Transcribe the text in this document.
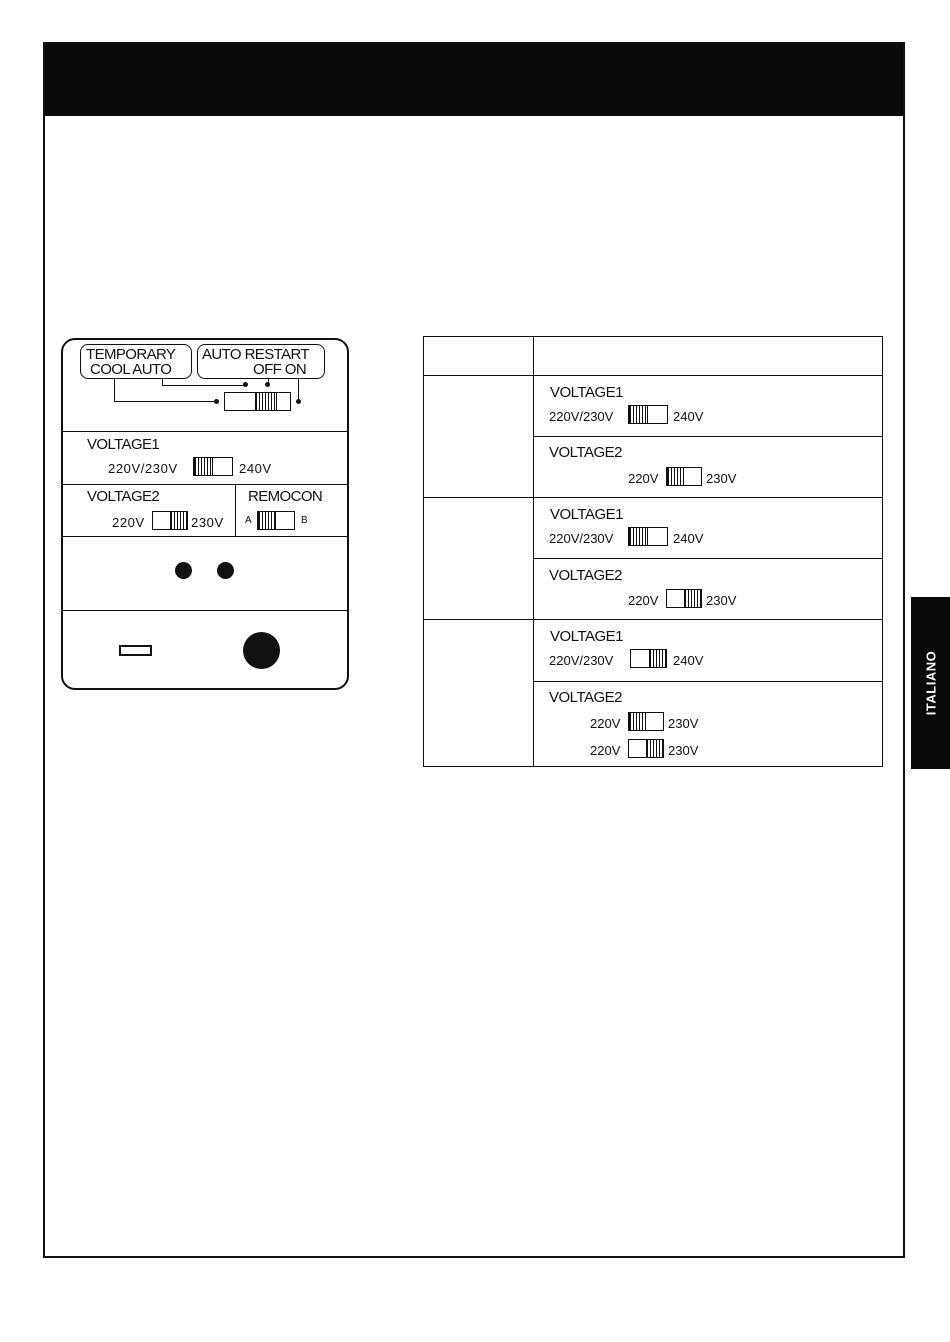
ITALIANO
TEMPORARY
COOL AUTO
AUTO RESTART
OFF ON
VOLTAGE1
220V/230V	240V
VOLTAGE2
220V	230V
REMOCON
A	B
VOLTAGE1
220V/230V	240V
VOLTAGE2
220V	230V
VOLTAGE1
220V/230V	240V
VOLTAGE2
220V	230V
VOLTAGE1
220V/230V	240V
VOLTAGE2
220V	230V
220V	230V
